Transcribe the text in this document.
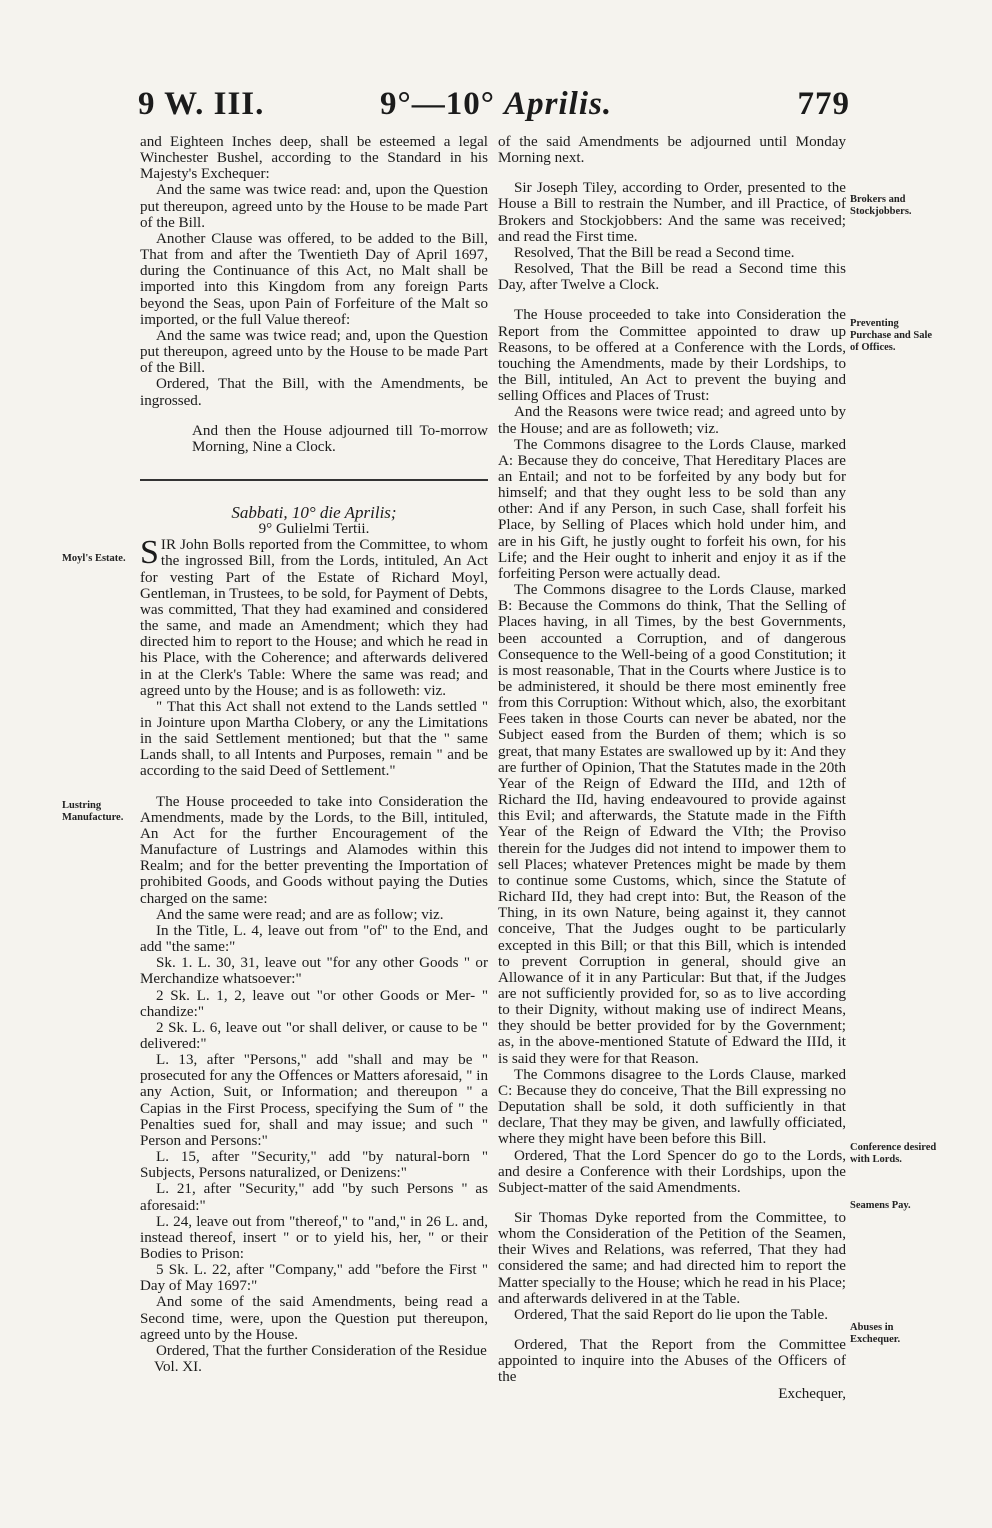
9 W. III.	9°—10° Aprilis.	779

and Eighteen Inches deep, shall be esteemed a legal Winchester Bushel, according to the Standard in his Majesty's Exchequer:

And the same was twice read: and, upon the Question put thereupon, agreed unto by the House to be made Part of the Bill.

Another Clause was offered, to be added to the Bill, That from and after the Twentieth Day of April 1697, during the Continuance of this Act, no Malt shall be imported into this Kingdom from any foreign Parts beyond the Seas, upon Pain of Forfeiture of the Malt so imported, or the full Value thereof:

And the same was twice read; and, upon the Question put thereupon, agreed unto by the House to be made Part of the Bill.

Ordered, That the Bill, with the Amendments, be ingrossed.

And then the House adjourned till To-morrow Morning, Nine a Clock.

Sabbati, 10° die Aprilis;

9° Gulielmi Tertii.

S IR John Bolls reported from the Committee, to whom the ingrossed Bill, from the Lords, intituled, An Act for vesting Part of the Estate of Richard Moyl, Gentleman, in Trustees, to be sold, for Payment of Debts, was committed, That they had examined and considered the same, and made an Amendment; which they had directed him to report to the House; and which he read in his Place, with the Coherence; and afterwards delivered in at the Clerk's Table: Where the same was read; and agreed unto by the House; and is as followeth: viz.

" That this Act shall not extend to the Lands settled " in Jointure upon Martha Clobery, or any the Limitations in the said Settlement mentioned; but that the " same Lands shall, to all Intents and Purposes, remain " and be according to the said Deed of Settlement."

The House proceeded to take into Consideration the Amendments, made by the Lords, to the Bill, intituled, An Act for the further Encouragement of the Manufacture of Lustrings and Alamodes within this Realm; and for the better preventing the Importation of prohibited Goods, and Goods without paying the Duties charged on the same:

And the same were read; and are as follow; viz.

In the Title, L. 4, leave out from "of" to the End, and add "the same:"

Sk. 1. L. 30, 31, leave out "for any other Goods " or Merchandize whatsoever:"

2 Sk. L. 1, 2, leave out "or other Goods or Mer- " chandize:"

2 Sk. L. 6, leave out "or shall deliver, or cause to be " delivered:"

L. 13, after "Persons," add "shall and may be " prosecuted for any the Offences or Matters aforesaid, " in any Action, Suit, or Information; and thereupon " a Capias in the First Process, specifying the Sum of " the Penalties sued for, shall and may issue; and such " Person and Persons:"

L. 15, after "Security," add "by natural-born " Subjects, Persons naturalized, or Denizens:"

L. 21, after "Security," add "by such Persons " as aforesaid:"

L. 24, leave out from "thereof," to "and," in 26 L. and, instead thereof, insert " or to yield his, her, " or their Bodies to Prison:

5 Sk. L. 22, after "Company," add "before the First " Day of May 1697:"

And some of the said Amendments, being read a Second time, were, upon the Question put thereupon, agreed unto by the House.

Ordered, That the further Consideration of the Residue

Vol. XI.

of the said Amendments be adjourned until Monday Morning next.

Sir Joseph Tiley, according to Order, presented to the House a Bill to restrain the Number, and ill Practice, of Brokers and Stockjobbers: And the same was received; and read the First time.

Resolved, That the Bill be read a Second time.

Resolved, That the Bill be read a Second time this Day, after Twelve a Clock.

The House proceeded to take into Consideration the Report from the Committee appointed to draw up Reasons, to be offered at a Conference with the Lords, touching the Amendments, made by their Lordships, to the Bill, intituled, An Act to prevent the buying and selling Offices and Places of Trust:

And the Reasons were twice read; and agreed unto by the House; and are as followeth; viz.

The Commons disagree to the Lords Clause, marked A: Because they do conceive, That Hereditary Places are an Entail; and not to be forfeited by any body but for himself; and that they ought less to be sold than any other: And if any Person, in such Case, shall forfeit his Place, by Selling of Places which hold under him, and are in his Gift, he justly ought to forfeit his own, for his Life; and the Heir ought to inherit and enjoy it as if the forfeiting Person were actually dead.

The Commons disagree to the Lords Clause, marked B: Because the Commons do think, That the Selling of Places having, in all Times, by the best Governments, been accounted a Corruption, and of dangerous Consequence to the Well-being of a good Constitution; it is most reasonable, That in the Courts where Justice is to be administered, it should be there most eminently free from this Corruption: Without which, also, the exorbitant Fees taken in those Courts can never be abated, nor the Subject eased from the Burden of them; which is so great, that many Estates are swallowed up by it: And they are further of Opinion, That the Statutes made in the 20th Year of the Reign of Edward the IIId, and 12th of Richard the IId, having endeavoured to provide against this Evil; and afterwards, the Statute made in the Fifth Year of the Reign of Edward the VIth; the Proviso therein for the Judges did not intend to impower them to sell Places; whatever Pretences might be made by them to continue some Customs, which, since the Statute of Richard IId, they had crept into: But, the Reason of the Thing, in its own Nature, being against it, they cannot conceive, That the Judges ought to be particularly excepted in this Bill; or that this Bill, which is intended to prevent Corruption in general, should give an Allowance of it in any Particular: But that, if the Judges are not sufficiently provided for, so as to live according to their Dignity, without making use of indirect Means, they should be better provided for by the Government; as, in the above-mentioned Statute of Edward the IIId, it is said they were for that Reason.

The Commons disagree to the Lords Clause, marked C: Because they do conceive, That the Bill expressing no Deputation shall be sold, it doth sufficiently in that declare, That they may be given, and lawfully officiated, where they might have been before this Bill.

Ordered, That the Lord Spencer do go to the Lords, and desire a Conference with their Lordships, upon the Subject-matter of the said Amendments.

Sir Thomas Dyke reported from the Committee, to whom the Consideration of the Petition of the Seamen, their Wives and Relations, was referred, That they had considered the same; and had directed him to report the Matter specially to the House; which he read in his Place; and afterwards delivered in at the Table.

Ordered, That the said Report do lie upon the Table.

Ordered, That the Report from the Committee appointed to inquire into the Abuses of the Officers of the

Exchequer,

Moyl's Estate.
Lustring Manufacture.
Brokers and Stockjobbers.
Preventing Purchase and Sale of Offices.
Conference desired with Lords.
Seamens Pay.
Abuses in Exchequer.
